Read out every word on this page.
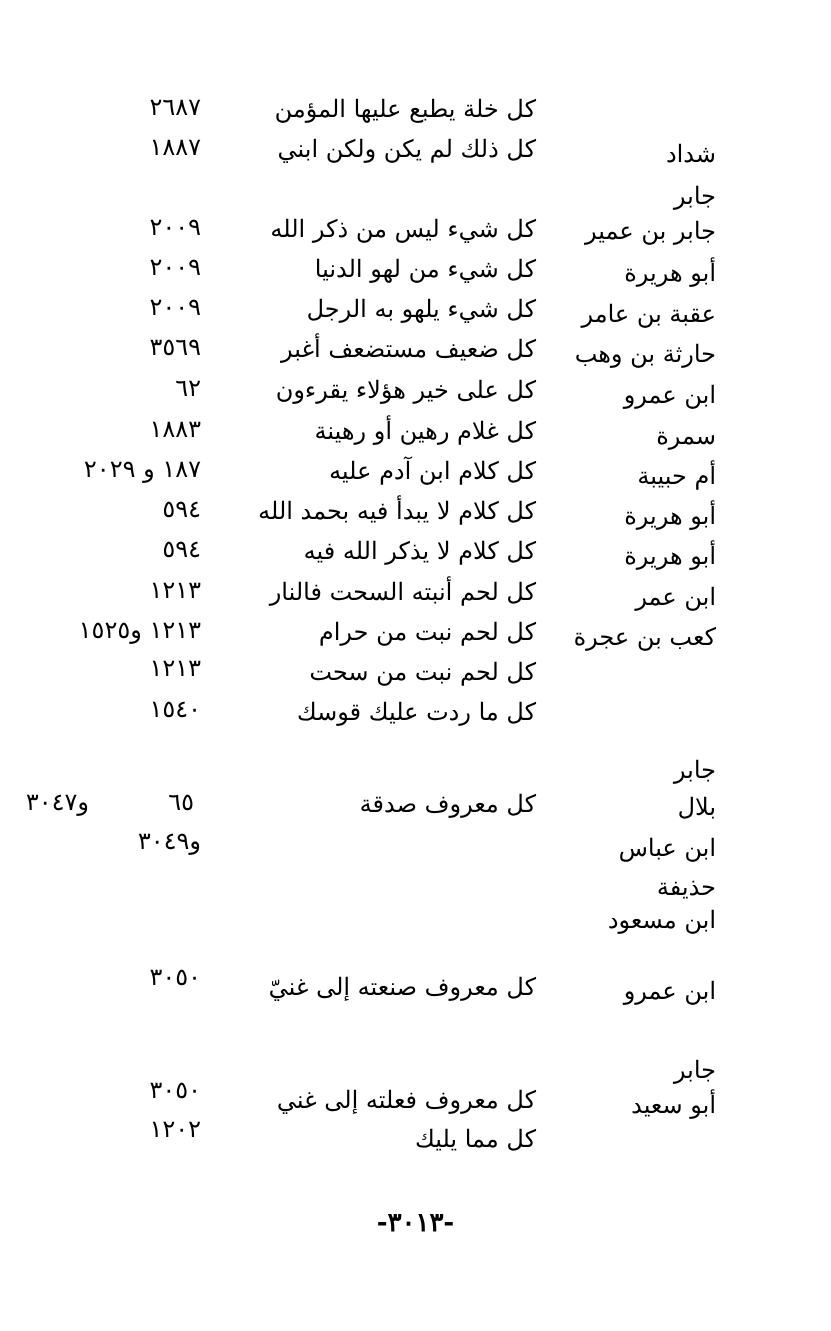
كل خلة يطبع عليها المؤمن
٢٦٨٧
شداد
كل ذلك لم يكن ولكن ابني
١٨٨٧
جابر
جابر بن عمير
كل شيء ليس من ذكر الله
٢٠٠٩
أبو هريرة
كل شيء من لهو الدنيا
٢٠٠٩
عقبة بن عامر
كل شيء يلهو به الرجل
٢٠٠٩
حارثة بن وهب
كل ضعيف مستضعف أغبر
٣٥٦٩
ابن عمرو
كل على خير هؤلاء يقرءون
٦٢
سمرة
كل غلام رهين أو رهينة
١٨٨٣
أم حبيبة
كل كلام ابن آدم عليه
١٨٧ و ٢٠٢٩
أبو هريرة
كل كلام لا يبدأ فيه بحمد الله
٥٩٤
أبو هريرة
كل كلام لا يذكر الله فيه
٥٩٤
ابن عمر
كل لحم أنبته السحت فالنار
١٢١٣
كعب بن عجرة
كل لحم نبت من حرام
١٢١٣ و١٥٢٥
كل لحم نبت من سحت
١٢١٣
كل ما ردت عليك قوسك
١٥٤٠
جابر
بلال
ابن عباس
حذيفة
ابن مسعود
كل معروف صدقة
٦٥
و٣٠٤٧
و٣٠٤٩
ابن عمرو
كل معروف صنعته إلى غنيّ
٣٠٥٠
جابر
أبو سعيد
كل معروف فعلته إلى غني
٣٠٥٠
كل مما يليك
١٢٠٢
-٣٠١٣-
